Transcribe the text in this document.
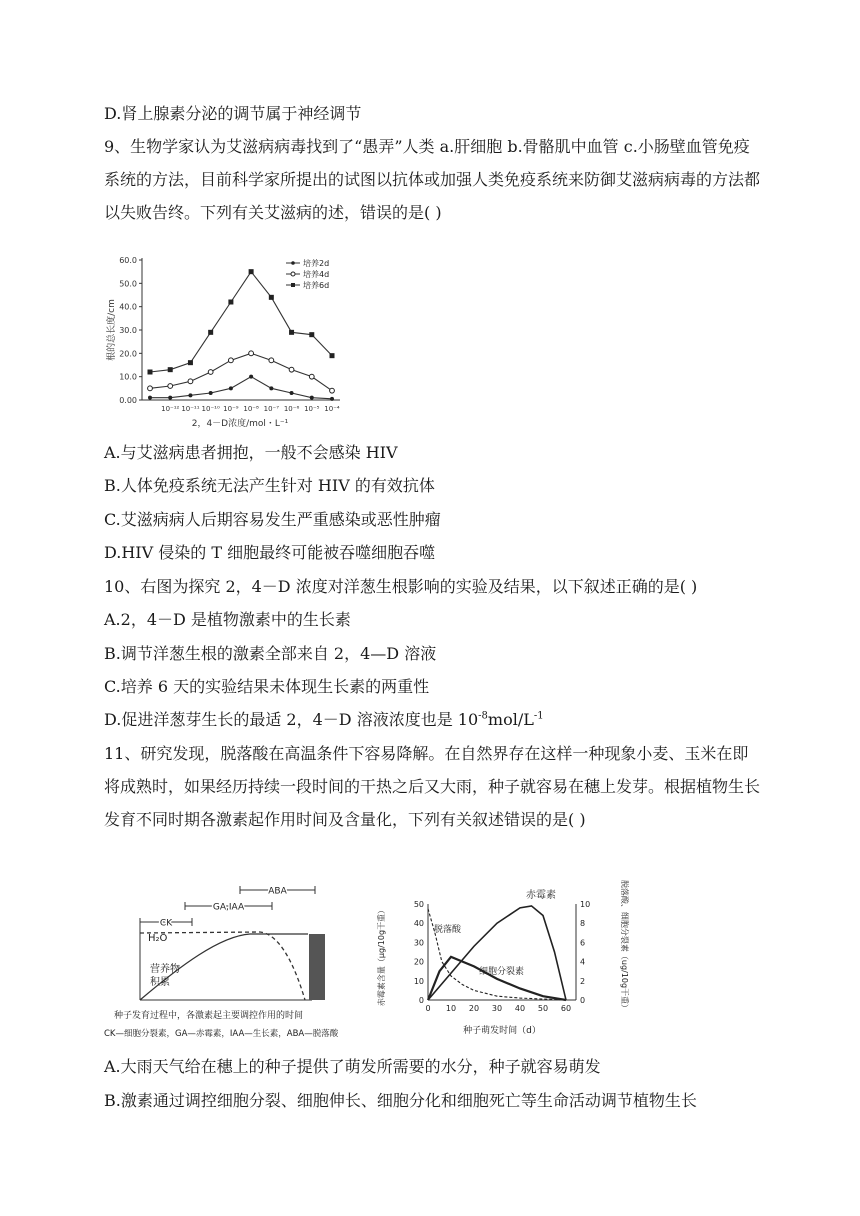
D.肾上腺素分泌的调节属于神经调节
9、生物学家认为艾滋病病毒找到了“愚弄”人类 a.肝细胞 b.骨骼肌中血管 c.小肠壁血管免疫系统的方法，目前科学家所提出的试图以抗体或加强人类免疫系统来防御艾滋病病毒的方法都以失败告终。下列有关艾滋病的述，错误的是( )
根的总长度/cm
0.00
10.0
20.0
30.0
40.0
50.0
60.0
10⁻¹² 10⁻¹¹ 10⁻¹⁰ 10⁻⁹ 10⁻⁸ 10⁻⁷ 10⁻⁶ 10⁻⁵ 10⁻⁴
2，4－D浓度/mol・L⁻¹
培养2d
培养4d
培养6d
A.与艾滋病患者拥抱，一般不会感染 HIV
B.人体免疫系统无法产生针对 HIV 的有效抗体
C.艾滋病病人后期容易发生严重感染或恶性肿瘤
D.HIV 侵染的 T 细胞最终可能被吞噬细胞吞噬
10、右图为探究 2，4－D 浓度对洋葱生根影响的实验及结果，以下叙述正确的是( )
A.2，4－D 是植物激素中的生长素
B.调节洋葱生根的激素全部来自 2，4—D 溶液
C.培养 6 天的实验结果未体现生长素的两重性
D.促进洋葱芽生长的最适 2，4－D 溶液浓度也是 $10^{-8}mol/L^{-1}$
11、研究发现，脱落酸在高温条件下容易降解。在自然界存在这样一种现象小麦、玉米在即将成熟时，如果经历持续一段时间的干热之后又大雨，种子就容易在穗上发芽。根据植物生长发育不同时期各激素起作用时间及含量化，下列有关叙述错误的是( )
ABA
GA,IAA
CK
H₂O
营养物
积累
种子发育过程中，各激素起主要调控作用的时间
CK—细胞分裂素，GA—赤霉素，IAA—生长素，ABA—脱落酸
赤霉素含量（μg/10g干重）	脱落酸、细胞分裂素（ug/10g干重）
0 10 20 30 40 50 60
0
10
20
30
40
50
0
2
4
6
8
10
赤霉素
脱落酸
细胞分裂素
种子萌发时间（d）
A.大雨天气给在穗上的种子提供了萌发所需要的水分，种子就容易萌发
B.激素通过调控细胞分裂、细胞伸长、细胞分化和细胞死亡等生命活动调节植物生长
